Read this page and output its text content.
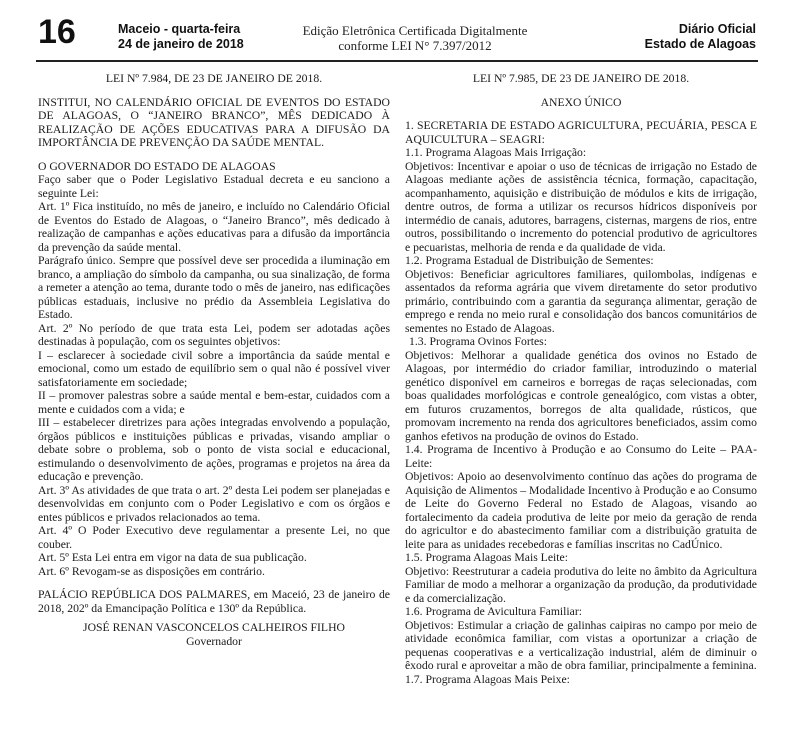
16	Maceio - quarta-feira
24 de janeiro de 2018
Edição Eletrônica Certificada Digitalmente
conforme LEI N° 7.397/2012
Diário Oficial
Estado de Alagoas

LEI Nº 7.984, DE 23 DE JANEIRO DE 2018.

INSTITUI, NO CALENDÁRIO OFICIAL DE EVENTOS DO ESTADO DE ALAGOAS, O “JANEIRO BRANCO”, MÊS DEDICADO À REALIZAÇÃO DE AÇÕES EDUCATIVAS PARA A DIFUSÃO DA IMPORTÂNCIA DE PREVENÇÃO DA SAÚDE MENTAL.

O GOVERNADOR DO ESTADO DE ALAGOAS

Faço saber que o Poder Legislativo Estadual decreta e eu sanciono a seguinte Lei:

Art. 1º Fica instituído, no mês de janeiro, e incluído no Calendário Oficial de Eventos do Estado de Alagoas, o “Janeiro Branco”, mês dedicado à realização de campanhas e ações educativas para a difusão da importância da prevenção da saúde mental.

Parágrafo único. Sempre que possível deve ser procedida a iluminação em branco, a ampliação do símbolo da campanha, ou sua sinalização, de forma a remeter a atenção ao tema, durante todo o mês de janeiro, nas edificações públicas estaduais, inclusive no prédio da Assembleia Legislativa do Estado.

Art. 2º No período de que trata esta Lei, podem ser adotadas ações destinadas à população, com os seguintes objetivos:

I – esclarecer à sociedade civil sobre a importância da saúde mental e emocional, como um estado de equilíbrio sem o qual não é possível viver satisfatoriamente em sociedade;

II – promover palestras sobre a saúde mental e bem-estar, cuidados com a mente e cuidados com a vida; e

III – estabelecer diretrizes para ações integradas envolvendo a população, órgãos públicos e instituições públicas e privadas, visando ampliar o debate sobre o problema, sob o ponto de vista social e educacional, estimulando o desenvolvimento de ações, programas e projetos na área da educação e prevenção.

Art. 3º As atividades de que trata o art. 2º desta Lei podem ser planejadas e desenvolvidas em conjunto com o Poder Legislativo e com os órgãos e entes públicos e privados relacionados ao tema.

Art. 4º O Poder Executivo deve regulamentar a presente Lei, no que couber.

Art. 5º Esta Lei entra em vigor na data de sua publicação.

Art. 6º Revogam-se as disposições em contrário.

PALÁCIO REPÚBLICA DOS PALMARES, em Maceió, 23 de janeiro de 2018, 202º da Emancipação Política e 130º da República.

JOSÉ RENAN VASCONCELOS CALHEIROS FILHO

Governador

LEI Nº 7.985, DE 23 DE JANEIRO DE 2018.

ANEXO ÚNICO

1. SECRETARIA DE ESTADO AGRICULTURA, PECUÁRIA, PESCA E AQUICULTURA – SEAGRI:

1.1. Programa Alagoas Mais Irrigação:

Objetivos: Incentivar e apoiar o uso de técnicas de irrigação no Estado de Alagoas mediante ações de assistência técnica, formação, capacitação, acompanhamento, aquisição e distribuição de módulos e kits de irrigação, dentre outros, de forma a utilizar os recursos hídricos disponíveis por intermédio de canais, adutores, barragens, cisternas, margens de rios, entre outros, possibilitando o incremento do potencial produtivo de agricultores e pecuaristas, melhoria de renda e da qualidade de vida.

1.2. Programa Estadual de Distribuição de Sementes:

Objetivos: Beneficiar agricultores familiares, quilombolas, indígenas e assentados da reforma agrária que vivem diretamente do setor produtivo primário, contribuindo com a garantia da segurança alimentar, geração de emprego e renda no meio rural e consolidação dos bancos comunitários de sementes no Estado de Alagoas.

1.3. Programa Ovinos Fortes:

Objetivos: Melhorar a qualidade genética dos ovinos no Estado de Alagoas, por intermédio do criador familiar, introduzindo o material genético disponível em carneiros e borregas de raças selecionadas, com boas qualidades morfológicas e controle genealógico, com vistas a obter, em futuros cruzamentos, borregos de alta qualidade, rústicos, que promovam incremento na renda dos agricultores beneficiados, assim como ganhos efetivos na produção de ovinos do Estado.

1.4. Programa de Incentivo à Produção e ao Consumo do Leite – PAA-Leite:

Objetivos: Apoio ao desenvolvimento contínuo das ações do programa de Aquisição de Alimentos – Modalidade Incentivo à Produção e ao Consumo de Leite do Governo Federal no Estado de Alagoas, visando ao fortalecimento da cadeia produtiva de leite por meio da geração de renda do agricultor e do abastecimento familiar com a distribuição gratuita de leite para as unidades recebedoras e famílias inscritas no CadÚnico.

1.5. Programa Alagoas Mais Leite:

Objetivo: Reestruturar a cadeia produtiva do leite no âmbito da Agricultura Familiar de modo a melhorar a organização da produção, da produtividade e da comercialização.

1.6. Programa de Avicultura Familiar:

Objetivos: Estimular a criação de galinhas caipiras no campo por meio de atividade econômica familiar, com vistas a oportunizar a criação de pequenas cooperativas e a verticalização industrial, além de diminuir o êxodo rural e aproveitar a mão de obra familiar, principalmente a feminina.

1.7. Programa Alagoas Mais Peixe:
